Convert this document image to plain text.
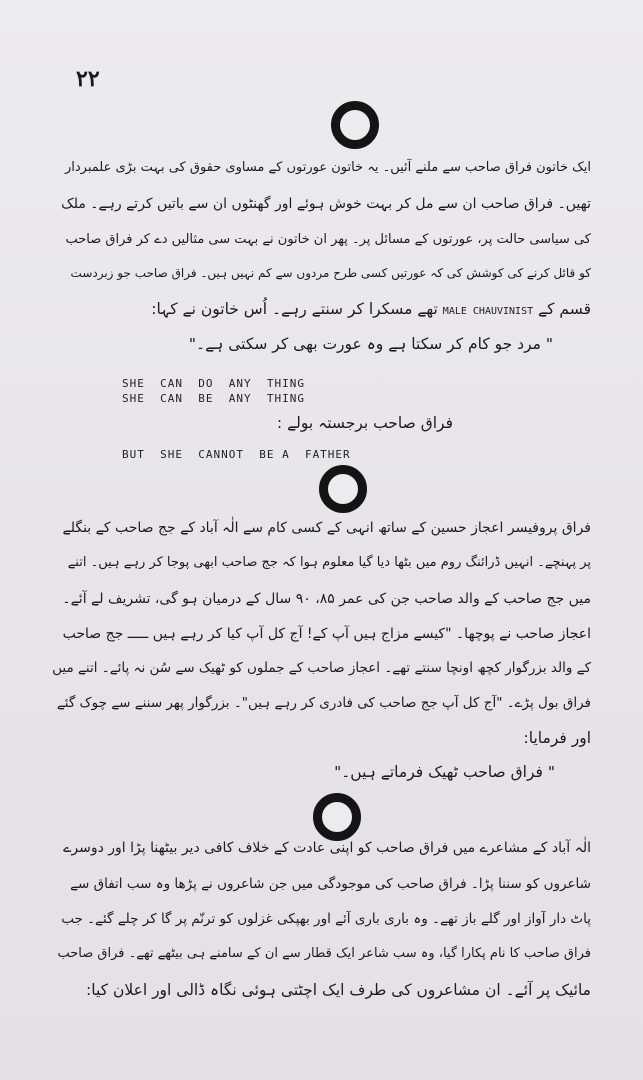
۲۲
ایک خاتون فراق صاحب سے ملنے آئیں۔ یہ خاتون عورتوں کے مساوی حقوق کی بہت بڑی علمبردار
تھیں۔ فراق صاحب ان سے مل کر بہت خوش ہوئے اور گھنٹوں ان سے باتیں کرتے رہے۔ ملک
کی سیاسی حالت پر، عورتوں کے مسائل پر۔ پھر ان خاتون نے بہت سی مثالیں دے کر فراق صاحب
کو قائل کرنے کی کوشش کی کہ عورتیں کسی طرح مردوں سے کم نہیں ہیں۔ فراق صاحب جو زبردست
قسم کے MALE CHAUVINIST تھے مسکرا کر سنتے رہے۔ اُس خاتون نے کہا:
" مرد جو کام کر سکتا ہے وہ عورت بھی کر سکتی ہے۔"
SHE  CAN  DO  ANY  THING
SHE  CAN  BE  ANY  THING
فراق صاحب برجستہ بولے :
BUT  SHE  CANNOT  BE A  FATHER
فراق پروفیسر اعجاز حسین کے ساتھ انہی کے کسی کام سے الٰہ آباد کے جج صاحب کے بنگلے
پر پہنچے۔ انہیں ڈرائنگ روم میں بٹھا دیا گیا معلوم ہوا کہ جج صاحب ابھی پوجا کر رہے ہیں۔ اتنے
میں جج صاحب کے والد صاحب جن کی عمر ۸۵، ۹۰ سال کے درمیان ہو گی، تشریف لے آئے۔
اعجاز صاحب نے پوچھا۔ "کیسے مزاج ہیں آپ کے! آج کل آپ کیا کر رہے ہیں ـــــ جج صاحب
کے والد بزرگوار کچھ اونچا سنتے تھے۔ اعجاز صاحب کے جملوں کو ٹھیک سے سُن نہ پائے۔ اتنے میں
فراق بول پڑے۔ "آج کل آپ جج صاحب کی فادری کر رہے ہیں"۔ بزرگوار پھر سننے سے چوک گئے
اور فرمایا:
" فراق صاحب ٹھیک فرماتے ہیں۔"
الٰہ آباد کے مشاعرے میں فراق صاحب کو اپنی عادت کے خلاف کافی دیر بیٹھنا پڑا اور دوسرے
شاعروں کو سننا پڑا۔ فراق صاحب کی موجودگی میں جن شاعروں نے پڑھا وہ سب اتفاق سے
پاٹ دار آواز اور گلے باز تھے۔ وہ باری باری آئے اور بھپکی غزلوں کو ترنّم پر گا کر چلے گئے۔ جب
فراق صاحب کا نام پکارا گیا، وہ سب شاعر ایک قطار سے ان کے سامنے ہی بیٹھے تھے۔ فراق صاحب
مائیک پر آئے۔ ان مشاعروں کی طرف ایک اچٹتی ہوئی نگاہ ڈالی اور اعلان کیا:
